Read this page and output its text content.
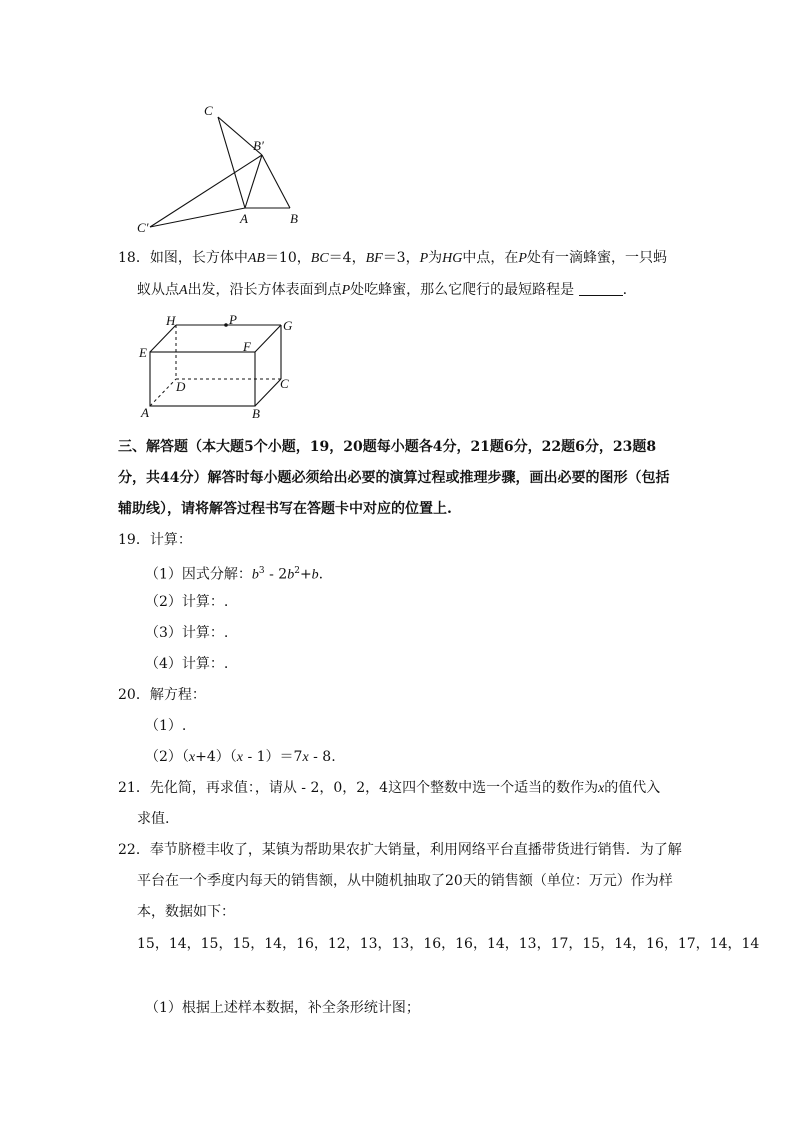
C
B′
C′
A	B
18．如图，长方体中AB＝10，BC＝4，BF＝3，P为HG中点，在P处有一滴蜂蜜，一只蚂
蚁从点A出发，沿长方体表面到点P处吃蜂蜜，那么它爬行的最短路程是	.
H	P	G
E	F
D	C
A	B
三、解答题（本大题5个小题，19，20题每小题各4分，21题6分，22题6分，23题8
分，共44分）解答时每小题必须给出必要的演算过程或推理步骤，画出必要的图形（包括
辅助线），请将解答过程书写在答题卡中对应的位置上.
19．计算：
（1）因式分解：$b^3 - 2b^2+b$.
（2）计算：.
（3）计算：.
（4）计算：.
20．解方程：
（1）.
（2）（x+4）（x - 1）＝7x - 8.
21．先化简，再求值：，请从 - 2，0，2，4这四个整数中选一个适当的数作为x的值代入
求值.
22．奉节脐橙丰收了，某镇为帮助果农扩大销量，利用网络平台直播带货进行销售．为了解
平台在一个季度内每天的销售额，从中随机抽取了20天的销售额（单位：万元）作为样
本，数据如下：
15，14，15，15，14，16，12，13，13，16，16，14，13，17，15，14，16，17，14，14
（1）根据上述样本数据，补全条形统计图；
